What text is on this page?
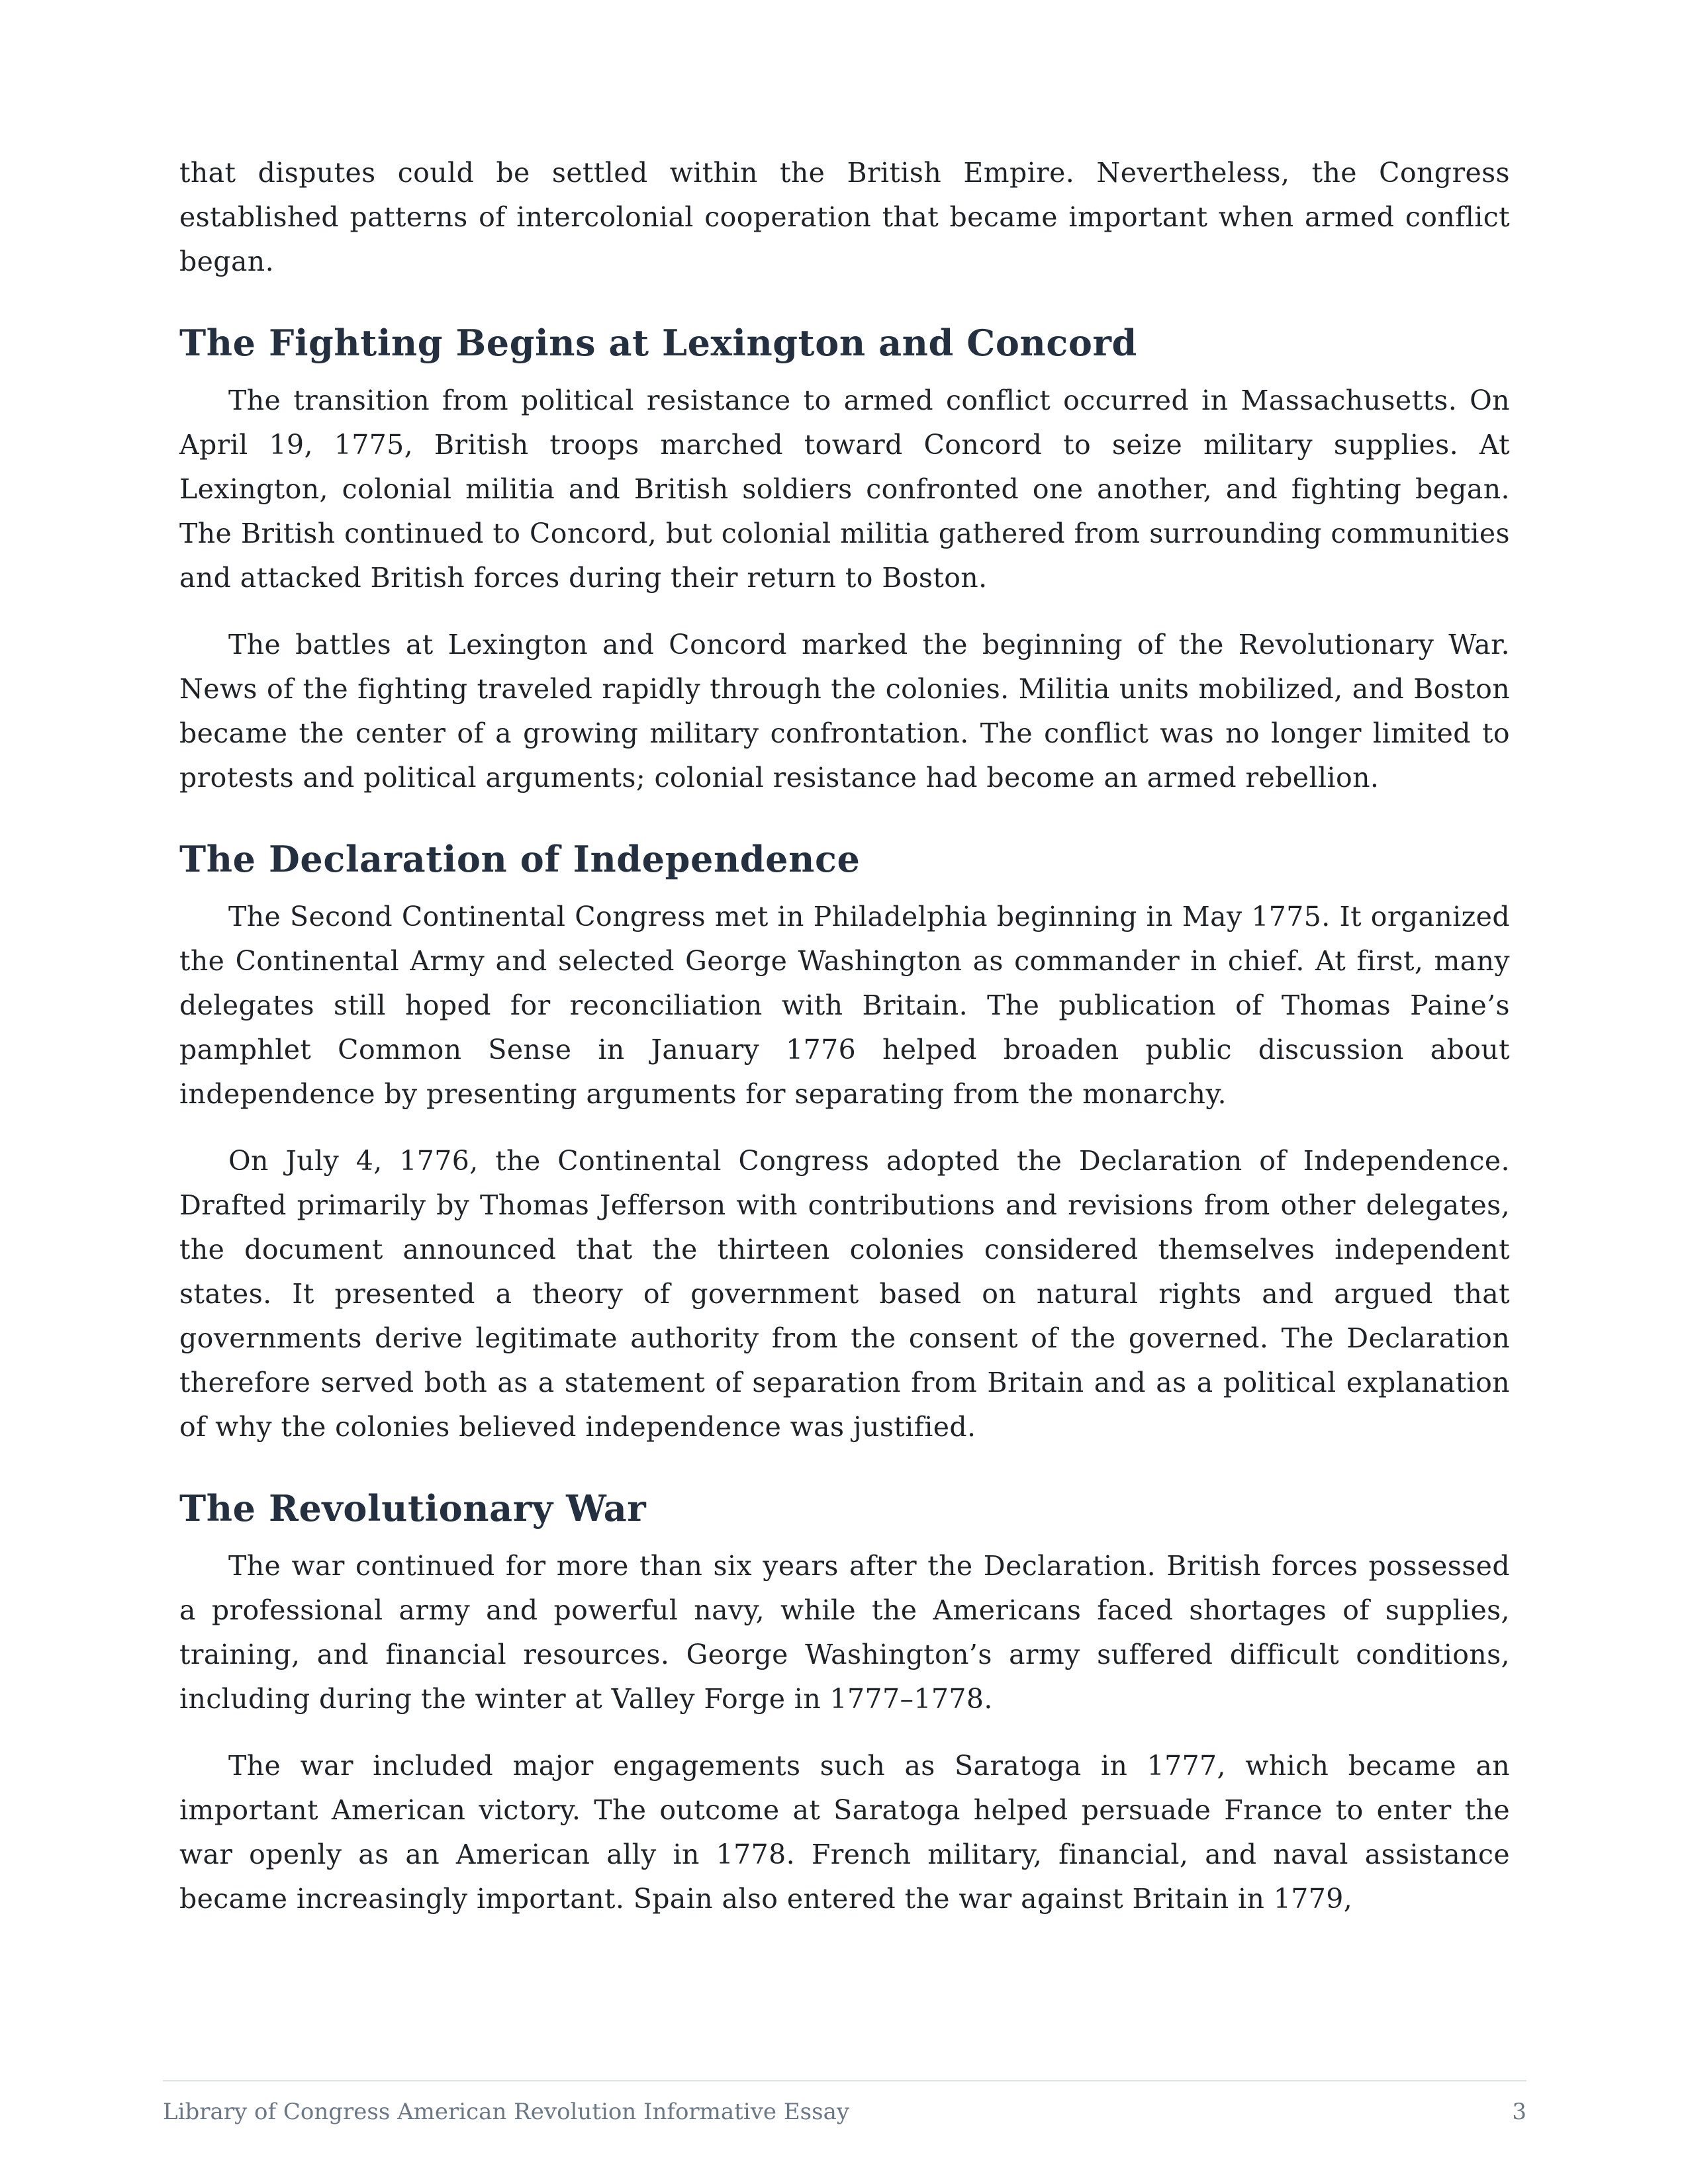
that disputes could be settled within the British Empire. Nevertheless, the Congress established patterns of intercolonial cooperation that became important when armed conflict began.

The Fighting Begins at Lexington and Concord

The transition from political resistance to armed conflict occurred in Massachusetts. On April 19, 1775, British troops marched toward Concord to seize military supplies. At Lexington, colonial militia and British soldiers confronted one another, and fighting began. The British continued to Concord, but colonial militia gathered from surrounding communities and attacked British forces during their return to Boston.

The battles at Lexington and Concord marked the beginning of the Revolutionary War. News of the fighting traveled rapidly through the colonies. Militia units mobilized, and Boston became the center of a growing military confrontation. The conflict was no longer limited to protests and political arguments; colonial resistance had become an armed rebellion.

The Declaration of Independence

The Second Continental Congress met in Philadelphia beginning in May 1775. It organized the Continental Army and selected George Washington as commander in chief. At first, many delegates still hoped for reconciliation with Britain. The publication of Thomas Paine’s pamphlet Common Sense in January 1776 helped broaden public discussion about independence by presenting arguments for separating from the monarchy.

On July 4, 1776, the Continental Congress adopted the Declaration of Independence. Drafted primarily by Thomas Jefferson with contributions and revisions from other delegates, the document announced that the thirteen colonies considered themselves independent states. It presented a theory of government based on natural rights and argued that governments derive legitimate authority from the consent of the governed. The Declaration therefore served both as a statement of separation from Britain and as a political explanation of why the colonies believed independence was justified.

The Revolutionary War

The war continued for more than six years after the Declaration. British forces possessed a professional army and powerful navy, while the Americans faced shortages of supplies, training, and financial resources. George Washington’s army suffered difficult conditions, including during the winter at Valley Forge in 1777–1778.

The war included major engagements such as Saratoga in 1777, which became an important American victory. The outcome at Saratoga helped persuade France to enter the war openly as an American ally in 1778. French military, financial, and naval assistance became increasingly important. Spain also entered the war against Britain in 1779,

Library of Congress American Revolution Informative Essay	3
